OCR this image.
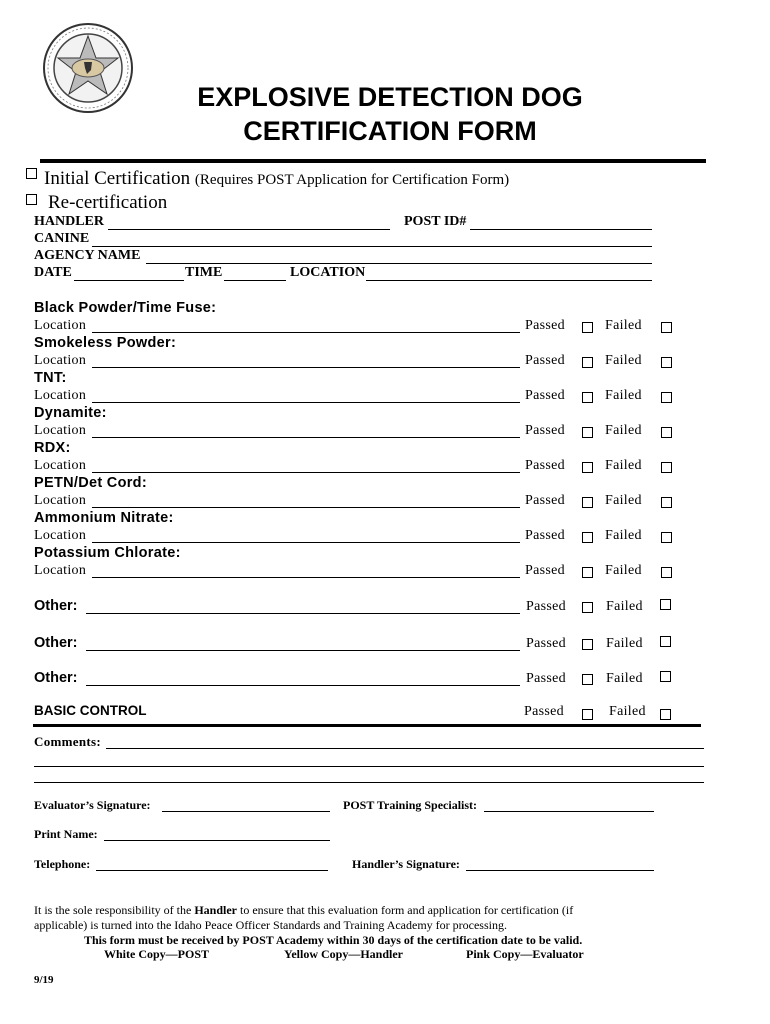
EXPLOSIVE DETECTION DOG
CERTIFICATION FORM
Initial Certification (Requires POST Application for Certification Form)
Re-certification
HANDLER	POST ID#
CANINE
AGENCY NAME
DATE	TIME	LOCATION
Black Powder/Time Fuse:
Location	Passed	Failed
Smokeless Powder:
Location	Passed	Failed
TNT:
Location	Passed	Failed
Dynamite:
Location	Passed	Failed
RDX:
Location	Passed	Failed
PETN/Det Cord:
Location	Passed	Failed
Ammonium Nitrate:
Location	Passed	Failed
Potassium Chlorate:
Location	Passed	Failed
Other:	Passed	Failed
Other:	Passed	Failed
Other:	Passed	Failed
BASIC CONTROL	Passed	Failed
Comments:
Evaluator’s Signature:	POST Training Specialist:
Print Name:
Telephone:	Handler’s Signature:
It is the sole responsibility of the Handler to ensure that this evaluation form and application for certification (if
applicable) is turned into the Idaho Peace Officer Standards and Training Academy for processing.
This form must be received by POST Academy within 30 days of the certification date to be valid.
White Copy—POST	Yellow Copy—Handler	Pink Copy—Evaluator
9/19
